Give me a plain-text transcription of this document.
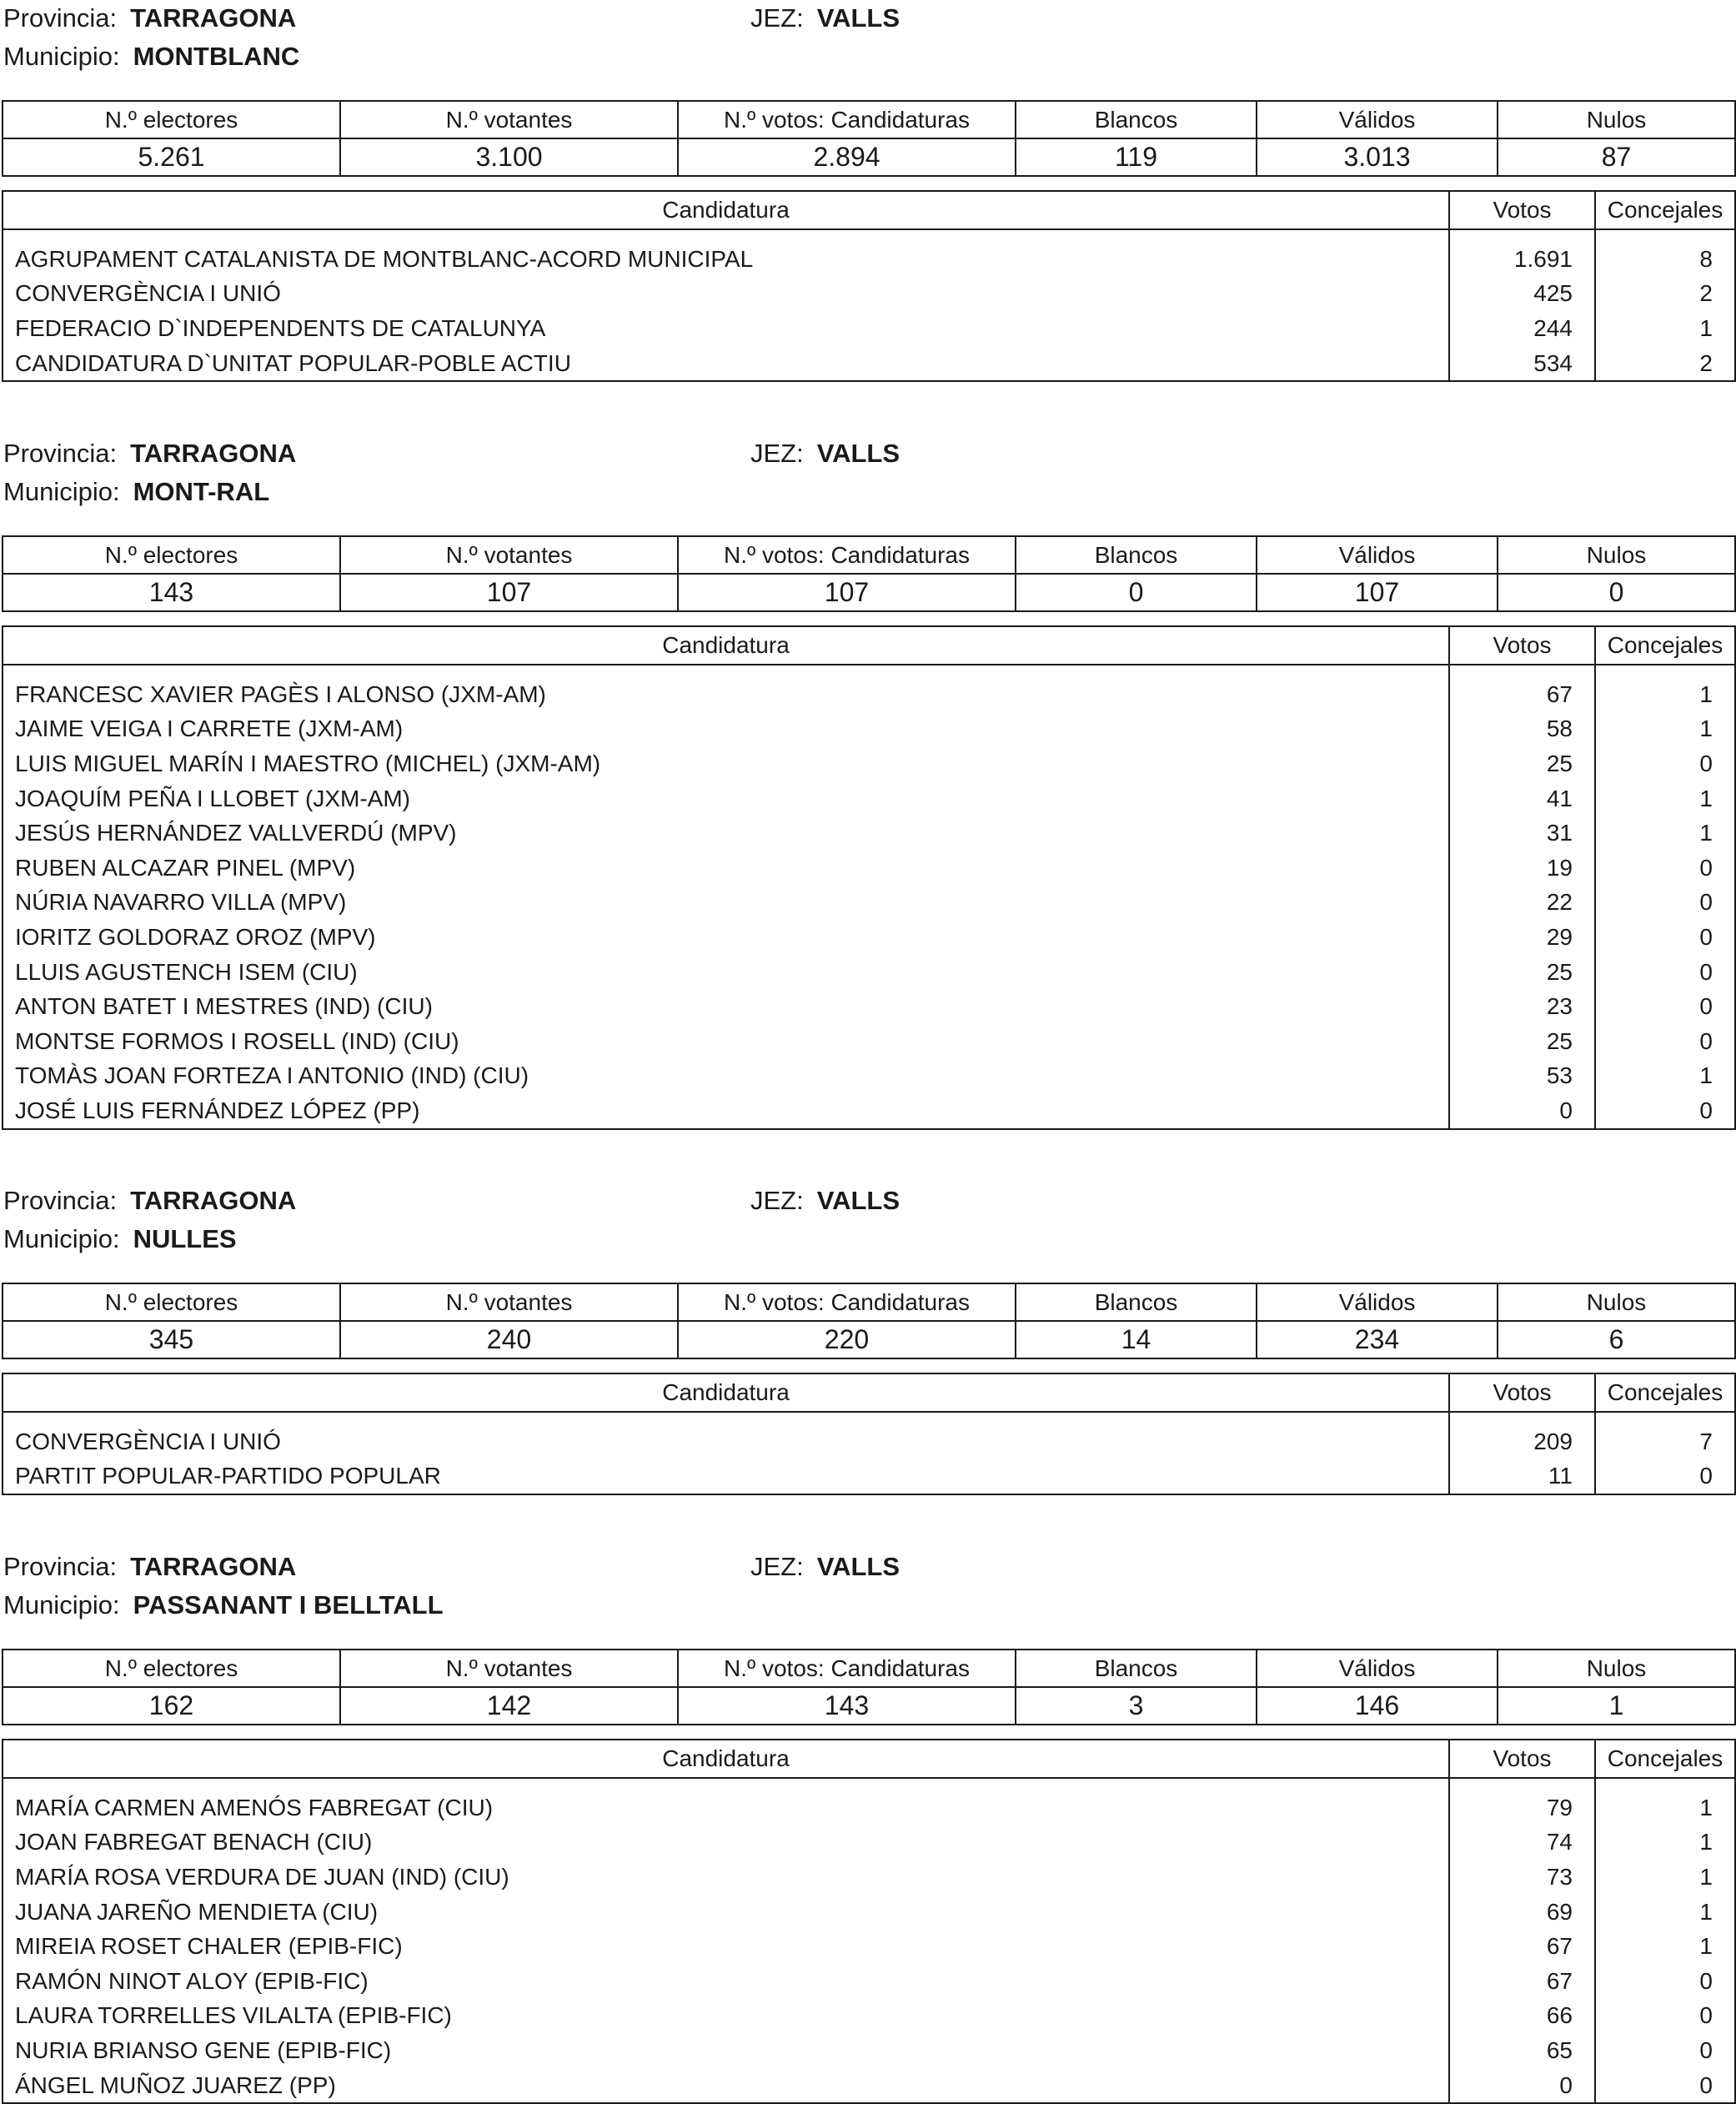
Provincia: TARRAGONA	JEZ: VALLS
Municipio: MONTBLANC
N.º electores	N.º votantes	N.º votos: Candidaturas	Blancos	Válidos	Nulos
5.261	3.100	2.894	119	3.013	87
Candidatura	Votos	Concejales

AGRUPAMENT CATALANISTA DE MONTBLANC-ACORD MUNICIPAL	1.691	8
CONVERGÈNCIA I UNIÓ	425	2
FEDERACIO D`INDEPENDENTS DE CATALUNYA	244	1
CANDIDATURA D`UNITAT POPULAR-POBLE ACTIU	534	2
Provincia: TARRAGONA	JEZ: VALLS
Municipio: MONT-RAL
N.º electores	N.º votantes	N.º votos: Candidaturas	Blancos	Válidos	Nulos
143	107	107	0	107	0
Candidatura	Votos	Concejales

FRANCESC XAVIER PAGÈS I ALONSO (JXM-AM)	67	1
JAIME VEIGA I CARRETE (JXM-AM)	58	1
LUIS MIGUEL MARÍN I MAESTRO (MICHEL) (JXM-AM)	25	0
JOAQUÍM PEÑA I LLOBET (JXM-AM)	41	1
JESÚS HERNÁNDEZ VALLVERDÚ (MPV)	31	1
RUBEN ALCAZAR PINEL (MPV)	19	0
NÚRIA NAVARRO VILLA (MPV)	22	0
IORITZ GOLDORAZ OROZ (MPV)	29	0
LLUIS AGUSTENCH ISEM (CIU)	25	0
ANTON BATET I MESTRES (IND) (CIU)	23	0
MONTSE FORMOS I ROSELL (IND) (CIU)	25	0
TOMÀS JOAN FORTEZA I ANTONIO (IND) (CIU)	53	1
JOSÉ LUIS FERNÁNDEZ LÓPEZ (PP)	0	0
Provincia: TARRAGONA	JEZ: VALLS
Municipio: NULLES
N.º electores	N.º votantes	N.º votos: Candidaturas	Blancos	Válidos	Nulos
345	240	220	14	234	6
Candidatura	Votos	Concejales

CONVERGÈNCIA I UNIÓ	209	7
PARTIT POPULAR-PARTIDO POPULAR	11	0
Provincia: TARRAGONA	JEZ: VALLS
Municipio: PASSANANT I BELLTALL
N.º electores	N.º votantes	N.º votos: Candidaturas	Blancos	Válidos	Nulos
162	142	143	3	146	1
Candidatura	Votos	Concejales

MARÍA CARMEN AMENÓS FABREGAT (CIU)	79	1
JOAN FABREGAT BENACH (CIU)	74	1
MARÍA ROSA VERDURA DE JUAN (IND) (CIU)	73	1
JUANA JAREÑO MENDIETA (CIU)	69	1
MIREIA ROSET CHALER (EPIB-FIC)	67	1
RAMÓN NINOT ALOY (EPIB-FIC)	67	0
LAURA TORRELLES VILALTA (EPIB-FIC)	66	0
NURIA BRIANSO GENE (EPIB-FIC)	65	0
ÁNGEL MUÑOZ JUAREZ (PP)	0	0
